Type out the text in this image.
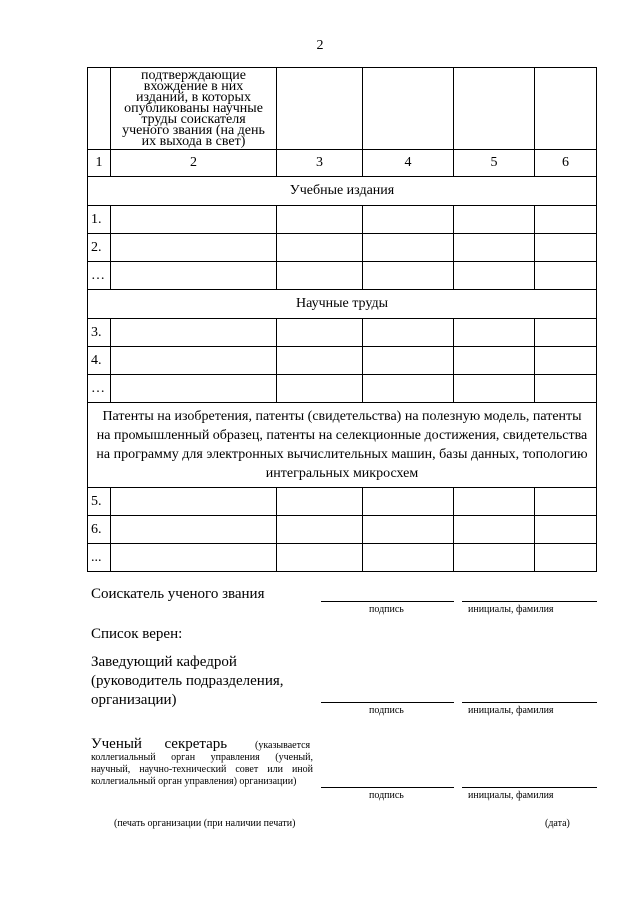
2
	подтверждающие вхождение в них изданий, в которых опубликованы научные труды соискателя ученого звания (на день их выхода в свет)				
1	2	3	4	5	6
Учебные издания					
1.					
2.					
…					
Научные труды					
3.					
4.					
…					
Патенты на изобретения, патенты (свидетельства) на полезную модель, патенты на промышленный образец, патенты на селекционные достижения, свидетельства на программу для электронных вычислительных машин, базы данных, топологию интегральных микросхем					
5.					
6.					
...					
Соискатель ученого звания
подпись	инициалы, фамилия
Список верен:
Заведующий кафедрой
(руководитель подразделения,
организации)
подпись	инициалы, фамилия
Ученый      секретарь	(указывается
коллегиальный орган управления (ученый, научный, научно-технический совет или иной коллегиальный орган управления) организации)
подпись	инициалы, фамилия
(печать организации (при наличии печати)	(дата)
